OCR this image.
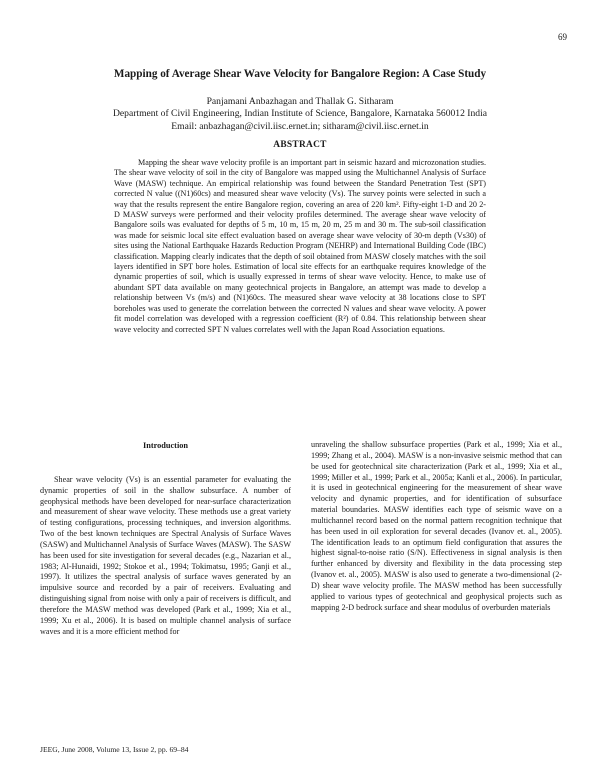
69
Mapping of Average Shear Wave Velocity for Bangalore Region: A Case Study
Panjamani Anbazhagan and Thallak G. Sitharam
Department of Civil Engineering, Indian Institute of Science, Bangalore, Karnataka 560012 India
Email: anbazhagan@civil.iisc.ernet.in; sitharam@civil.iisc.ernet.in
ABSTRACT

Mapping the shear wave velocity profile is an important part in seismic hazard and microzonation studies. The shear wave velocity of soil in the city of Bangalore was mapped using the Multichannel Analysis of Surface Wave (MASW) technique. An empirical relationship was found between the Standard Penetration Test (SPT) corrected N value ((N1)60cs) and measured shear wave velocity (Vs). The survey points were selected in such a way that the results represent the entire Bangalore region, covering an area of 220 km². Fifty-eight 1-D and 20 2-D MASW surveys were performed and their velocity profiles determined. The average shear wave velocity of Bangalore soils was evaluated for depths of 5 m, 10 m, 15 m, 20 m, 25 m and 30 m. The sub-soil classification was made for seismic local site effect evaluation based on average shear wave velocity of 30-m depth (Vs30) of sites using the National Earthquake Hazards Reduction Program (NEHRP) and International Building Code (IBC) classification. Mapping clearly indicates that the depth of soil obtained from MASW closely matches with the soil layers identified in SPT bore holes. Estimation of local site effects for an earthquake requires knowledge of the dynamic properties of soil, which is usually expressed in terms of shear wave velocity. Hence, to make use of abundant SPT data available on many geotechnical projects in Bangalore, an attempt was made to develop a relationship between Vs (m/s) and (N1)60cs. The measured shear wave velocity at 38 locations close to SPT boreholes was used to generate the correlation between the corrected N values and shear wave velocity. A power fit model correlation was developed with a regression coefficient (R²) of 0.84. This relationship between shear wave velocity and corrected SPT N values correlates well with the Japan Road Association equations.

Introduction

Shear wave velocity (Vs) is an essential parameter for evaluating the dynamic properties of soil in the shallow subsurface. A number of geophysical methods have been developed for near-surface characterization and measurement of shear wave velocity. These methods use a great variety of testing configurations, processing techniques, and inversion algorithms. Two of the best known techniques are Spectral Analysis of Surface Waves (SASW) and Multichannel Analysis of Surface Waves (MASW). The SASW has been used for site investigation for several decades (e.g., Nazarian et al., 1983; Al-Hunaidi, 1992; Stokoe et al., 1994; Tokimatsu, 1995; Ganji et al., 1997). It utilizes the spectral analysis of surface waves generated by an impulsive source and recorded by a pair of receivers. Evaluating and distinguishing signal from noise with only a pair of receivers is difficult, and therefore the MASW method was developed (Park et al., 1999; Xia et al., 1999; Xu et al., 2006). It is based on multiple channel analysis of surface waves and it is a more efficient method for

unraveling the shallow subsurface properties (Park et al., 1999; Xia et al., 1999; Zhang et al., 2004). MASW is a non-invasive seismic method that can be used for geotechnical site characterization (Park et al., 1999; Xia et al., 1999; Miller et al., 1999; Park et al., 2005a; Kanli et al., 2006). In particular, it is used in geotechnical engineering for the measurement of shear wave velocity and dynamic properties, and for identification of subsurface material boundaries. MASW identifies each type of seismic wave on a multichannel record based on the normal pattern recognition technique that has been used in oil exploration for several decades (Ivanov et. al., 2005). The identification leads to an optimum field configuration that assures the highest signal-to-noise ratio (S/N). Effectiveness in signal analysis is then further enhanced by diversity and flexibility in the data processing step (Ivanov et. al., 2005). MASW is also used to generate a two-dimensional (2-D) shear wave velocity profile. The MASW method has been successfully applied to various types of geotechnical and geophysical projects such as mapping 2-D bedrock surface and shear modulus of overburden materials

JEEG, June 2008, Volume 13, Issue 2, pp. 69–84
